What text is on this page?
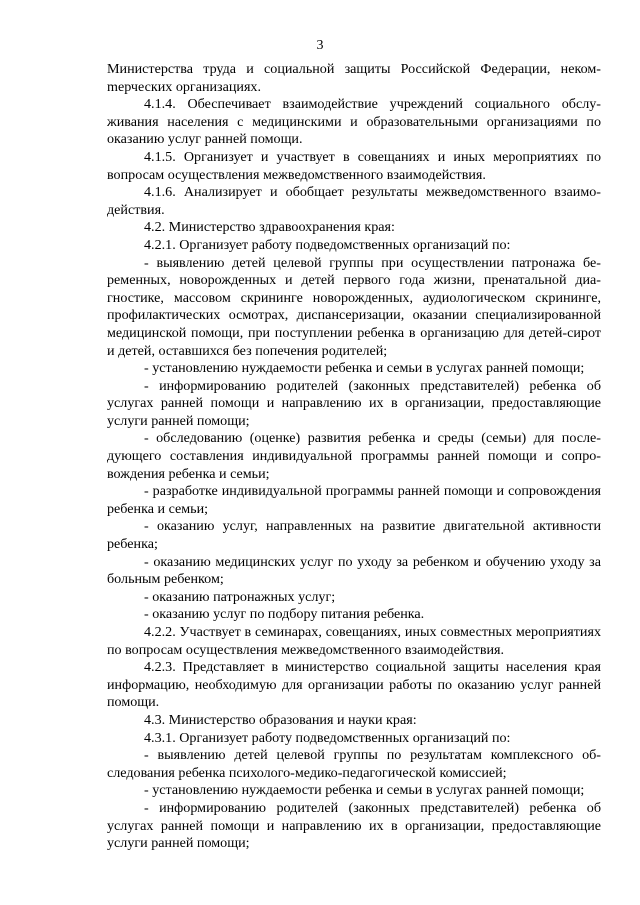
3

Министерства труда и социальной защиты Российской Федерации, некомmерческих организациях.

4.1.4. Обеспечивает взаимодействие учреждений социального обслуживания населения с медицинскими и образовательными организациями по оказанию услуг ранней помощи.

4.1.5. Организует и участвует в совещаниях и иных мероприятиях по вопросам осуществления межведомственного взаимодействия.

4.1.6. Анализирует и обобщает результаты межведомственного взаимодействия.

4.2. Министерство здравоохранения края:

4.2.1. Организует работу подведомственных организаций по:

- выявлению детей целевой группы при осуществлении патронажа беременных, новорожденных и детей первого года жизни, пренатальной диагностике, массовом скрининге новорожденных, аудиологическом скрининге, профилактических осмотрах, диспансеризации, оказании специализированной медицинской помощи, при поступлении ребенка в организацию для детей-сирот и детей, оставшихся без попечения родителей;

- установлению нуждаемости ребенка и семьи в услугах ранней помощи;

- информированию родителей (законных представителей) ребенка об услугах ранней помощи и направлению их в организации, предоставляющие услуги ранней помощи;

- обследованию (оценке) развития ребенка и среды (семьи) для последующего составления индивидуальной программы ранней помощи и сопровождения ребенка и семьи;

- разработке индивидуальной программы ранней помощи и сопровождения ребенка и семьи;

- оказанию услуг, направленных на развитие двигательной активности ребенка;

- оказанию медицинских услуг по уходу за ребенком и обучению уходу за больным ребенком;

- оказанию патронажных услуг;

- оказанию услуг по подбору питания ребенка.

4.2.2. Участвует в семинарах, совещаниях, иных совместных мероприятиях по вопросам осуществления межведомственного взаимодействия.

4.2.3. Представляет в министерство социальной защиты населения края информацию, необходимую для организации работы по оказанию услуг ранней помощи.

4.3. Министерство образования и науки края:

4.3.1. Организует работу подведомственных организаций по:

- выявлению детей целевой группы по результатам комплексного обследования ребенка психолого-медико-педагогической комиссией;

- установлению нуждаемости ребенка и семьи в услугах ранней помощи;

- информированию родителей (законных представителей) ребенка об услугах ранней помощи и направлению их в организации, предоставляющие услуги ранней помощи;
